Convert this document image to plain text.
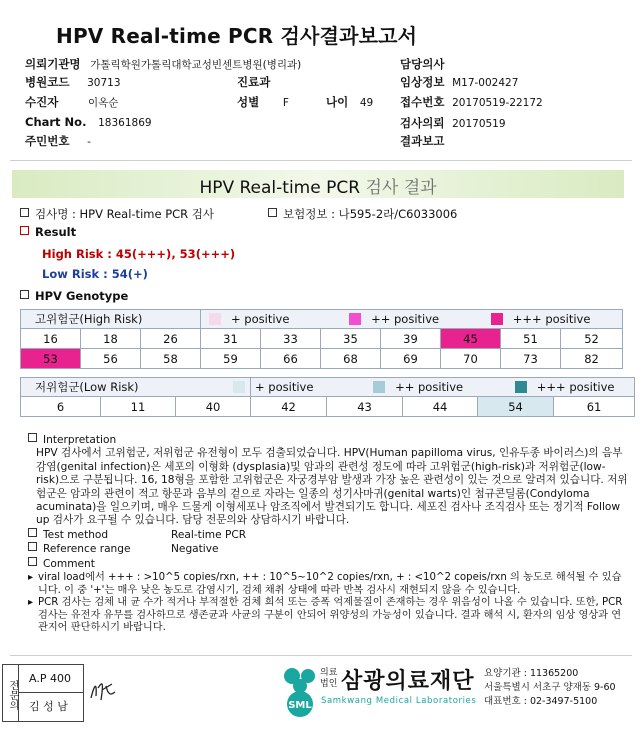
HPV Real-time PCR 검사결과보고서
의뢰기관명 가톨릭학원가톨릭대학교성빈센트병원(병리과)	담당의사
병원코드 30713	진료과	임상정보 M17-002427
수진자	이옥순	성별 F	나이 49 접수번호 20170519-22172
Chart No. 18361869	검사의뢰 20170519
주민번호 -	결과보고
HPV Real-time PCR 검사 결과
검사명 : HPV Real-time PCR 검사	보험정보 : 나595-2라/C6033006
Result
High Risk : 45(+++), 53(+++)
Low Risk : 54(+)
HPV Genotype
고위험군(High Risk)			+ positive ++ positive +++ positive						
16	18	26	31	33	35	39	45	51	52
53	56	58	59	66	68	69	70	73	82
저위험군(Low Risk)			+ positive ++ positive +++ positive				
6	11	40	42	43	44	54	61
Interpretation
HPV 검사에서 고위험군, 저위험군 유전형이 모두 검출되었습니다. HPV(Human papilloma virus, 인유두종 바이러스)의 음부감염(genital infection)은 세포의 이형화 (dysplasia)및 암과의 관련성 정도에 따라 고위험군(high-risk)과 저위험군(low-risk)으로 구분됩니다. 16, 18형을 포함한 고위험군은 자궁경부암 발생과 가장 높은 관련성이 있는 것으로 알려져 있습니다. 저위험군은 암과의 관련이 적고 항문과 음부의 겉으로 자라는 일종의 성기사마귀(genital warts)인 첨규콘딜롬(Condyloma acuminata)을 일으키며, 매우 드물게 이형세포나 암조직에서 발견되기도 합니다. 세포진 검사나 조직검사 또는 정기적 Follow up 검사가 요구될 수 있습니다. 담당 전문의와 상담하시기 바랍니다.
Test method	Real-time PCR
Reference range	Negative
Comment
▸ viral load에서 +++ : >10^5 copies/rxn, ++ : 10^5~10^2 copies/rxn, + : <10^2 copeis/rxn 의 농도로 해석될 수 있습니다. 이 중 '+'는 매우 낮은 농도로 감염시기, 검체 채취 상태에 따라 반복 검사시 재현되지 않을 수 있습니다.
▸ PCR 검사는 검체 내 균 수가 적거나 부적절한 검체 희석 또는 증폭 억제물질이 존재하는 경우 위음성이 나올 수 있습니다. 또한, PCR 검사는 유전자 유무를 검사하므로 생존균과 사균의 구분이 안되어 위양성의 가능성이 있습니다. 결과 해석 시, 환자의 임상 영상과 연관지어 판단하시기 바랍니다.
전문의
A.P 400
김 성 남	SML
의료
법인 삼광의료재단
Samkwang Medical Laboratories
요양기관 : 11365200
서울특별시 서초구 양재동 9-60
대표번호 : 02-3497-5100
